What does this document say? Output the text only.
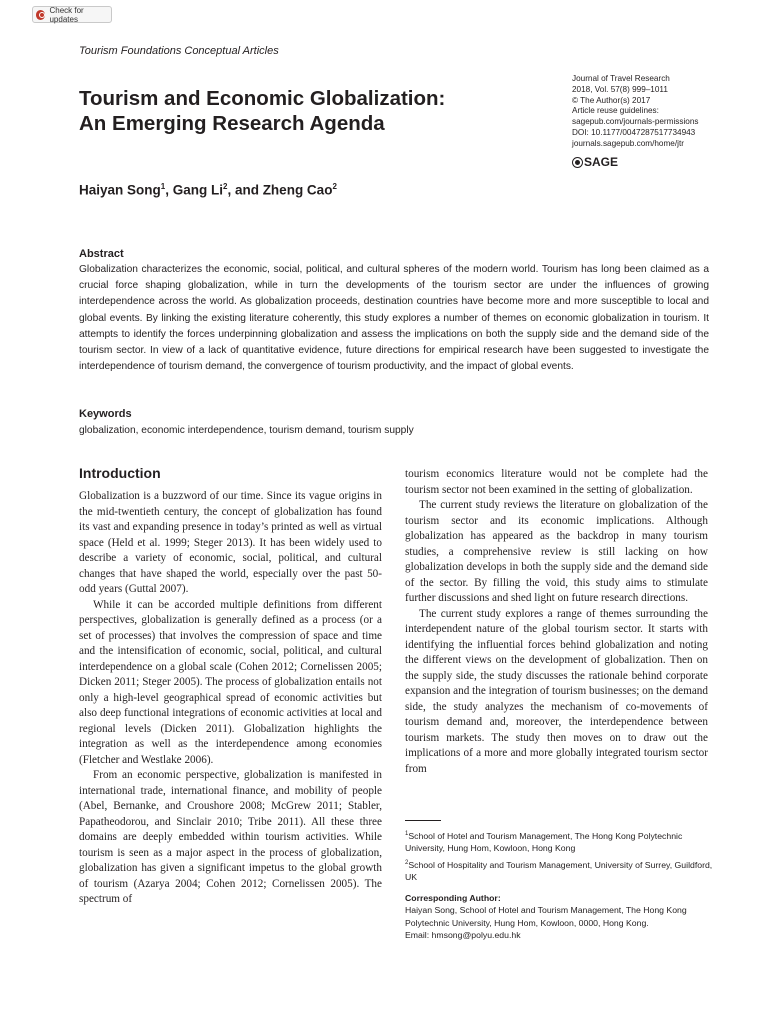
Check for updates
Tourism Foundations Conceptual Articles
Tourism and Economic Globalization:
An Emerging Research Agenda
Haiyan Song$^1$, Gang Li$^2$, and Zheng Cao$^2$
Journal of Travel Research
2018, Vol. 57(8) 999–1011
© The Author(s) 2017
Article reuse guidelines:
sagepub.com/journals-permissions
DOI: 10.1177/0047287517734943
journals.sagepub.com/home/jtr
SAGE
Abstract

Globalization characterizes the economic, social, political, and cultural spheres of the modern world. Tourism has long been claimed as a crucial force shaping globalization, while in turn the developments of the tourism sector are under the influences of growing interdependence across the world. As globalization proceeds, destination countries have become more and more susceptible to local and global events. By linking the existing literature coherently, this study explores a number of themes on economic globalization in tourism. It attempts to identify the forces underpinning globalization and assess the implications on both the supply side and the demand side of the tourism sector. In view of a lack of quantitative evidence, future directions for empirical research have been suggested to investigate the interdependence of tourism demand, the convergence of tourism productivity, and the impact of global events.

Keywords
globalization, economic interdependence, tourism demand, tourism supply
Introduction

Globalization is a buzzword of our time. Since its vague origins in the mid-twentieth century, the concept of globalization has found its vast and expanding presence in today’s printed as well as virtual space (Held et al. 1999; Steger 2013). It has been widely used to describe a variety of economic, social, political, and cultural changes that have shaped the world, especially over the past 50-odd years (Guttal 2007).

While it can be accorded multiple definitions from different perspectives, globalization is generally defined as a process (or a set of processes) that involves the compression of space and time and the intensification of economic, social, political, and cultural interdependence on a global scale (Cohen 2012; Cornelissen 2005; Dicken 2011; Steger 2005). The process of globalization entails not only a high-level geographical spread of economic activities but also deep functional integrations of economic activities at local and regional levels (Dicken 2011). Globalization highlights the integration as well as the interdependence among economies (Fletcher and Westlake 2006).

From an economic perspective, globalization is manifested in international trade, international finance, and mobility of people (Abel, Bernanke, and Croushore 2008; McGrew 2011; Stabler, Papatheodorou, and Sinclair 2010; Tribe 2011). All these three domains are deeply embedded within tourism activities. While tourism is seen as a major aspect in the process of globalization, globalization has given a significant impetus to the global growth of tourism (Azarya 2004; Cohen 2012; Cornelissen 2005). The spectrum of

tourism economics literature would not be complete had the tourism sector not been examined in the setting of globalization.

The current study reviews the literature on globalization of the tourism sector and its economic implications. Although globalization has appeared as the backdrop in many tourism studies, a comprehensive review is still lacking on how globalization develops in both the supply side and the demand side of the sector. By filling the void, this study aims to stimulate further discussions and shed light on future research directions.

The current study explores a range of themes surrounding the interdependent nature of the global tourism sector. It starts with identifying the influential forces behind globalization and noting the different views on the development of globalization. Then on the supply side, the study discusses the rationale behind corporate expansion and the integration of tourism businesses; on the demand side, the study analyzes the mechanism of co-movements of tourism demand and, moreover, the interdependence between tourism markets. The study then moves on to draw out the implications of a more and more globally integrated tourism sector from

$^1$School of Hotel and Tourism Management, The Hong Kong Polytechnic University, Hung Hom, Kowloon, Hong Kong

$^2$School of Hospitality and Tourism Management, University of Surrey, Guildford, UK

Corresponding Author:
Haiyan Song, School of Hotel and Tourism Management, The Hong Kong Polytechnic University, Hung Hom, Kowloon, 0000, Hong Kong.
Email: hmsong@polyu.edu.hk
